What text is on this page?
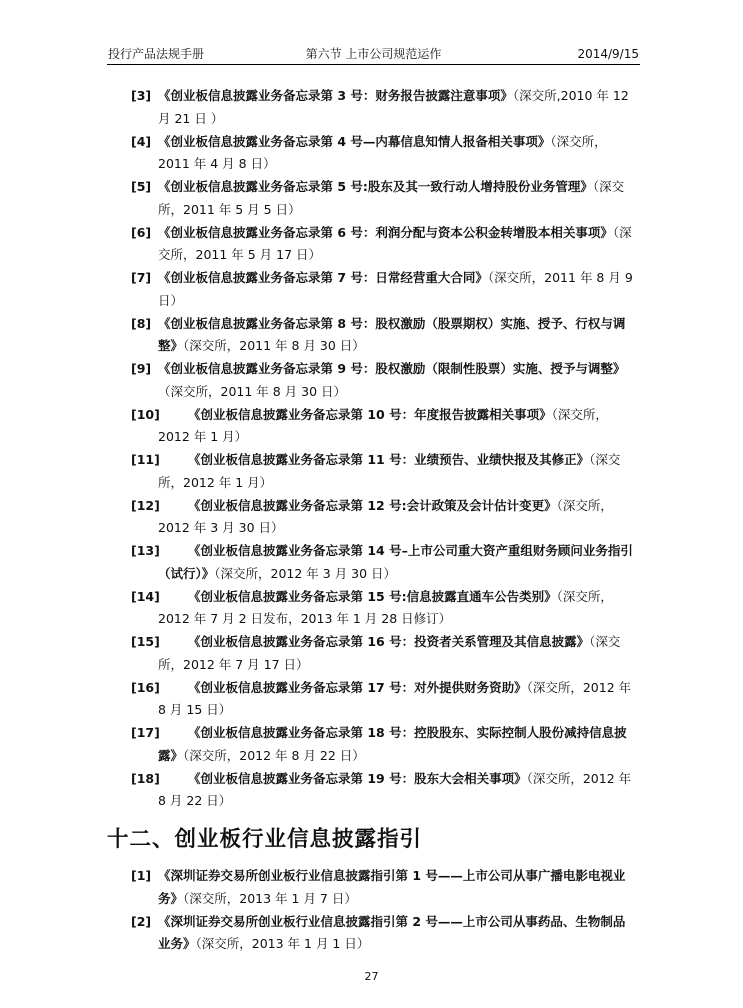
投行产品法规手册	第六节 上市公司规范运作	2014/9/15
[3] 《创业板信息披露业务备忘录第 3 号：财务报告披露注意事项》（深交所,2010 年 12 月 21 日 ）
[4] 《创业板信息披露业务备忘录第 4 号—内幕信息知情人报备相关事项》（深交所，2011 年 4 月 8 日）
[5] 《创业板信息披露业务备忘录第 5 号:股东及其一致行动人增持股份业务管理》（深交所，2011 年 5 月 5 日）
[6] 《创业板信息披露业务备忘录第 6 号：利润分配与资本公积金转增股本相关事项》（深交所，2011 年 5 月 17 日）
[7] 《创业板信息披露业务备忘录第 7 号：日常经营重大合同》（深交所，2011 年 8 月 9 日）
[8] 《创业板信息披露业务备忘录第 8 号：股权激励（股票期权）实施、授予、行权与调整》（深交所，2011 年 8 月 30 日）
[9] 《创业板信息披露业务备忘录第 9 号：股权激励（限制性股票）实施、授予与调整》（深交所，2011 年 8 月 30 日）
[10]	《创业板信息披露业务备忘录第 10 号：年度报告披露相关事项》（深交所，2012 年 1 月）
[11]	《创业板信息披露业务备忘录第 11 号：业绩预告、业绩快报及其修正》（深交所，2012 年 1 月）
[12]	《创业板信息披露业务备忘录第 12 号:会计政策及会计估计变更》（深交所，2012 年 3 月 30 日）
[13]	《创业板信息披露业务备忘录第 14 号–上市公司重大资产重组财务顾问业务指引（试行）》（深交所，2012 年 3 月 30 日）
[14]	《创业板信息披露业务备忘录第 15 号:信息披露直通车公告类别》（深交所，2012 年 7 月 2 日发布，2013 年 1 月 28 日修订）
[15]	《创业板信息披露业务备忘录第 16 号：投资者关系管理及其信息披露》（深交所，2012 年 7 月 17 日）
[16]	《创业板信息披露业务备忘录第 17 号：对外提供财务资助》（深交所，2012 年 8 月 15 日）
[17]	《创业板信息披露业务备忘录第 18 号：控股股东、实际控制人股份减持信息披露》（深交所，2012 年 8 月 22 日）
[18]	《创业板信息披露业务备忘录第 19 号：股东大会相关事项》（深交所，2012 年 8 月 22 日）
十二、创业板行业信息披露指引
[1] 《深圳证券交易所创业板行业信息披露指引第 1 号——上市公司从事广播电影电视业务》（深交所，2013 年 1 月 7 日）
[2] 《深圳证券交易所创业板行业信息披露指引第 2 号——上市公司从事药品、生物制品业务》（深交所，2013 年 1 月 1 日）
27
